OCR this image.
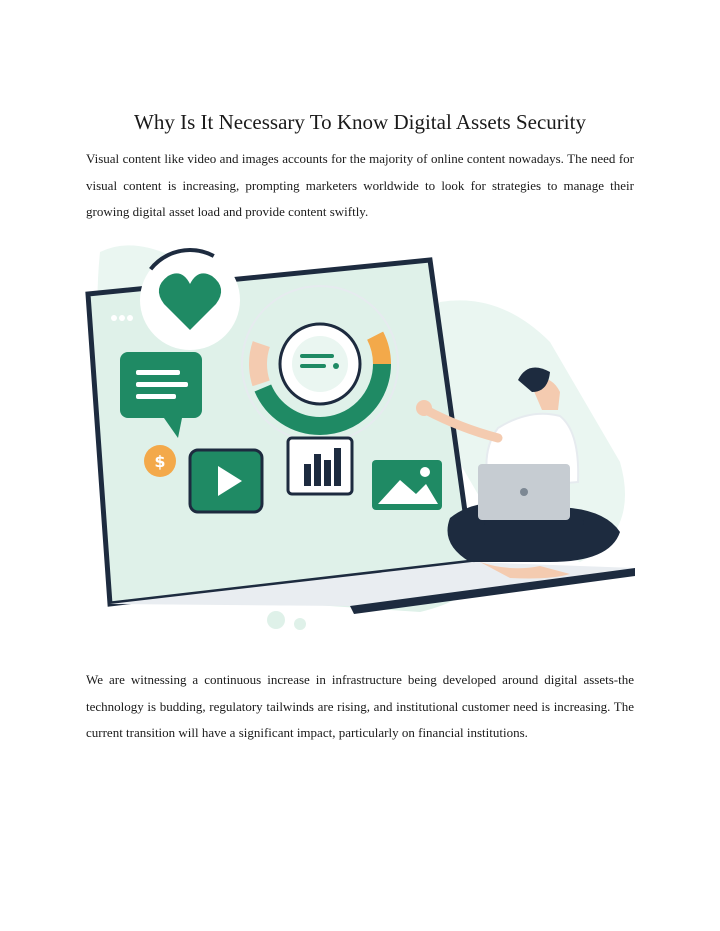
Why Is It Necessary To Know Digital Assets Security

Visual content like video and images accounts for the majority of online content nowadays. The need for visual content is increasing, prompting marketers worldwide to look for strategies to manage their growing digital asset load and provide content swiftly.

$

We are witnessing a continuous increase in infrastructure being developed around digital assets-the technology is budding, regulatory tailwinds are rising, and institutional customer need is increasing. The current transition will have a significant impact, particularly on financial institutions.
